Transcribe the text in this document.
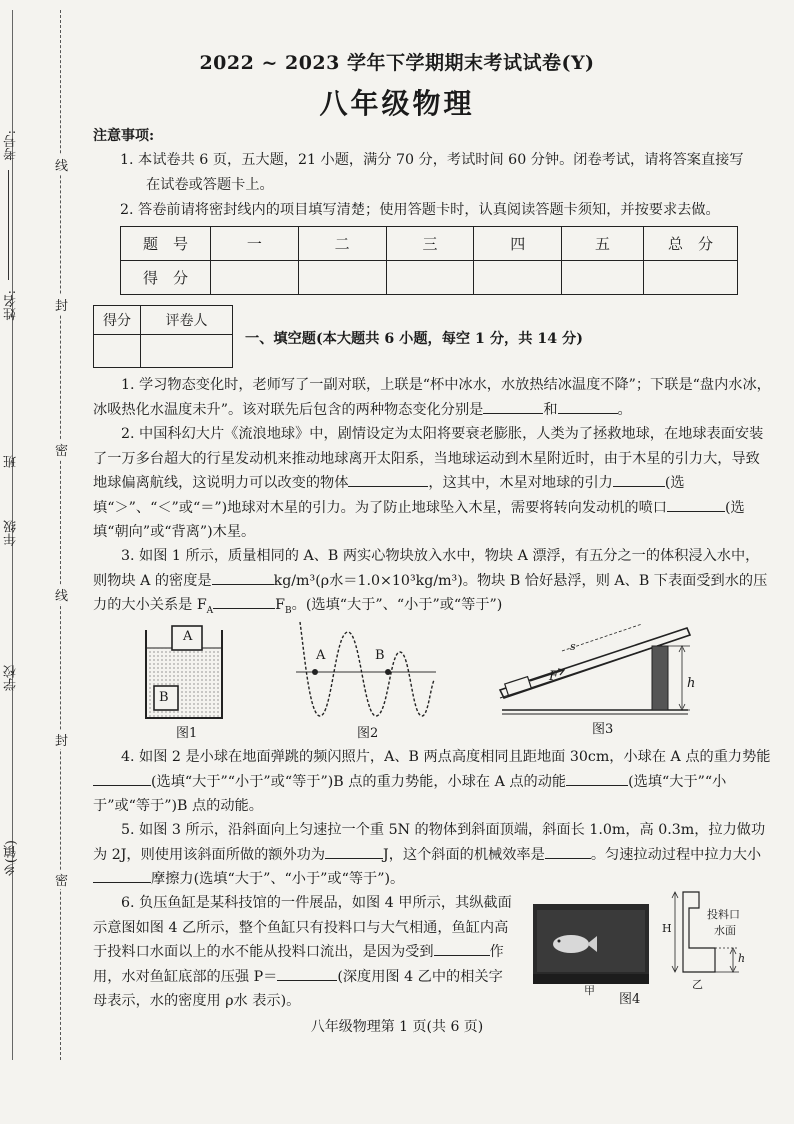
考号:
姓名:
班
年级
学校
乡(镇)
线
封
密
线
封
密
2022 ~ 2023 学年下学期期末考试试卷(Y)
八年级物理
注意事项:
1. 本试卷共 6 页，五大题，21 小题，满分 70 分，考试时间 60 分钟。闭卷考试，请将答案直接写
在试卷或答题卡上。
2. 答卷前请将密封线内的项目填写清楚；使用答题卡时，认真阅读答题卡须知，并按要求去做。
题　号	一	二	三	四	五	总　分
得　分						
得分	评卷人

一、填空题(本大题共 6 小题，每空 1 分，共 14 分)
1. 学习物态变化时，老师写了一副对联，上联是“杯中冰水，水放热结冰温度不降”；下联是“盘内水冰，冰吸热化水温度未升”。该对联先后包含的两种物态变化分别是	和	。
2. 中国科幻大片《流浪地球》中，剧情设定为太阳将要衰老膨胀，人类为了拯救地球，在地球表面安装了一万多台超大的行星发动机来推动地球离开太阳系，当地球运动到木星附近时，由于木星的引力大，导致地球偏离航线，这说明力可以改变的物体	，这其中，木星对地球的引力	(选填“＞”、“＜”或“＝”)地球对木星的引力。为了防止地球坠入木星，需要将转向发动机的喷口	(选填“朝向”或“背离”)木星。
3. 如图 1 所示，质量相同的 A、B 两实心物块放入水中，物块 A 漂浮，有五分之一的体积浸入水中，则物块 A 的密度是	kg/m³(ρ水＝1.0×10³kg/m³)。物块 B 恰好悬浮，则 A、B 下表面受到水的压力的大小关系是 $F_A$	$F_B$。(选填“大于”、“小于”或“等于”)
A
B
图1
A	B
图2
s
F	h
图3
4. 如图 2 是小球在地面弹跳的频闪照片，A、B 两点高度相同且距地面 30cm，小球在 A 点的重力势能(选填“大于”“小于”或“等于”)B 点的重力势能，小球在 A 点的动能	(选填“大于”“小于”或“等于”)B 点的动能。
5. 如图 3 所示，沿斜面向上匀速拉一个重 5N 的物体到斜面顶端，斜面长 1.0m，高 0.3m，拉力做功为 2J，则使用该斜面所做的额外功为	J，这个斜面的机械效率是	。匀速拉动过程中拉力大小摩擦力(选填“大于”、“小于”或“等于”)。
6. 负压鱼缸是某科技馆的一件展品，如图 4 甲所示，其纵截面示意图如图 4 乙所示，整个鱼缸只有投料口与大气相通，鱼缸内高于投料口水面以上的水不能从投料口流出，是因为受到	作用，水对鱼缸底部的压强 P＝	(深度用图 4 乙中的相关字母表示，水的密度用 ρ水 表示)。
甲
投料口
水面
H
h
乙
图4
八年级物理第 1 页(共 6 页)
